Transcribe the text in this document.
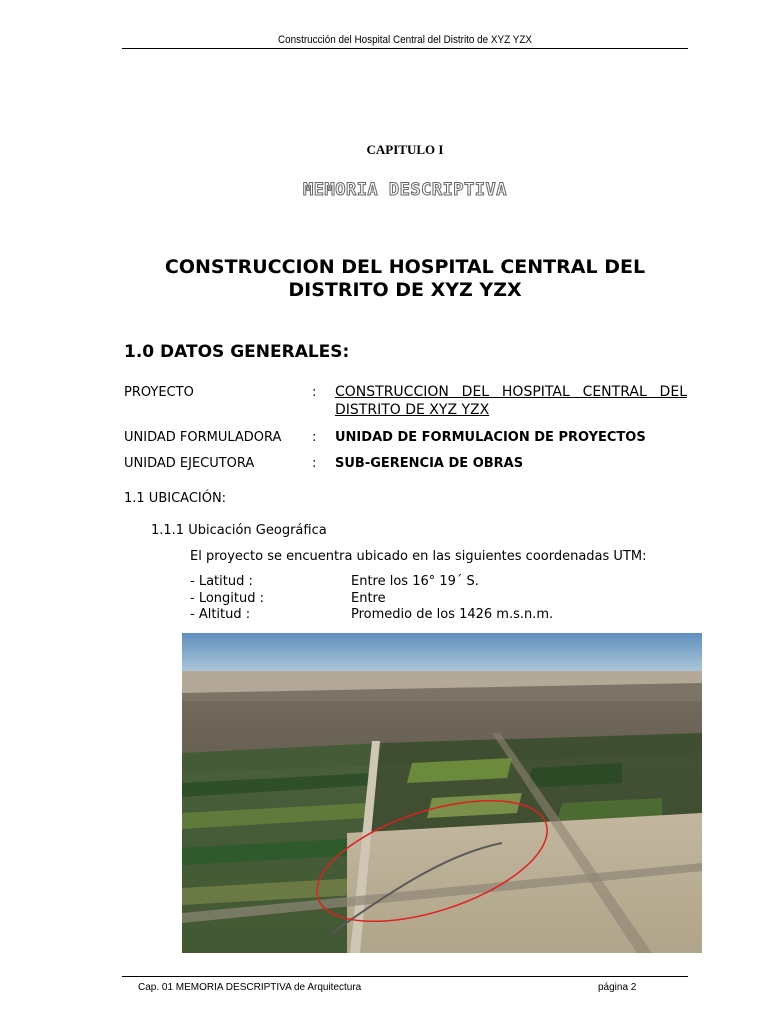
Construcción del Hospital Central del Distrito de XYZ YZX
CAPITULO I
MEMORIA DESCRIPTIVA
CONSTRUCCION DEL HOSPITAL CENTRAL DEL
DISTRITO DE XYZ YZX
1.0 DATOS GENERALES:
PROYECTO	: CONSTRUCCION DEL HOSPITAL CENTRAL DEL DISTRITO DE XYZ YZX
UNIDAD FORMULADORA : UNIDAD DE FORMULACION DE PROYECTOS
UNIDAD EJECUTORA	: SUB-GERENCIA DE OBRAS
1.1 UBICACIÓN:
1.1.1 Ubicación Geográfica
El proyecto se encuentra ubicado en las siguientes coordenadas UTM:
- Latitud :	Entre los 16° 19´ S.
- Longitud :	Entre
- Altitud :	Promedio de los 1426 m.s.n.m.
Cap. 01 MEMORIA DESCRIPTIVA de Arquitectura	página 2
